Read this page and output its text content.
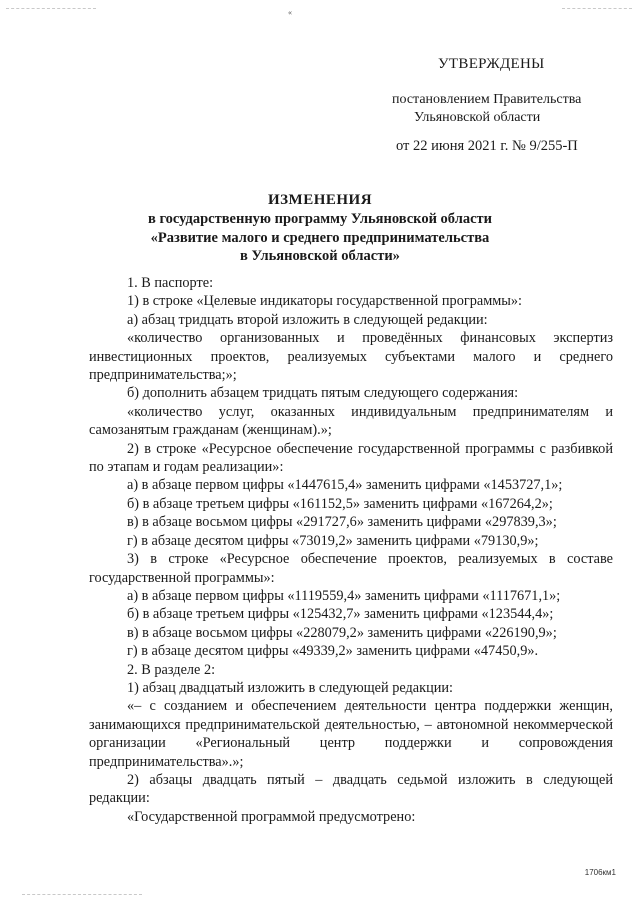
«
УТВЕРЖДЕНЫ
постановлением Правительства
Ульяновской области
от 22 июня 2021 г. № 9/255-П
ИЗМЕНЕНИЯ
в государственную программу Ульяновской области
«Развитие малого и среднего предпринимательства
в Ульяновской области»
1. В паспорте:
1) в строке «Целевые индикаторы государственной программы»:
а) абзац тридцать второй изложить в следующей редакции:
«количество организованных и проведённых финансовых экспертиз инвестиционных проектов, реализуемых субъектами малого и среднего предпринимательства;»;
б) дополнить абзацем тридцать пятым следующего содержания:
«количество услуг, оказанных индивидуальным предпринимателям и самозанятым гражданам (женщинам).»;
2) в строке «Ресурсное обеспечение государственной программы с разбивкой по этапам и годам реализации»:
а) в абзаце первом цифры «1447615,4» заменить цифрами «1453727,1»;
б) в абзаце третьем цифры «161152,5» заменить цифрами «167264,2»;
в) в абзаце восьмом цифры «291727,6» заменить цифрами «297839,3»;
г) в абзаце десятом цифры «73019,2» заменить цифрами «79130,9»;
3) в строке «Ресурсное обеспечение проектов, реализуемых в составе государственной программы»:
а) в абзаце первом цифры «1119559,4» заменить цифрами «1117671,1»;
б) в абзаце третьем цифры «125432,7» заменить цифрами «123544,4»;
в) в абзаце восьмом цифры «228079,2» заменить цифрами «226190,9»;
г) в абзаце десятом цифры «49339,2» заменить цифрами «47450,9».
2. В разделе 2:
1) абзац двадцатый изложить в следующей редакции:
«– с созданием и обеспечением деятельности центра поддержки женщин, занимающихся предпринимательской деятельностью, – автономной некоммерческой организации «Региональный центр поддержки и сопровождения предпринимательства».»;
2) абзацы двадцать пятый – двадцать седьмой изложить в следующей редакции:
«Государственной программой предусмотрено:
1706км1
